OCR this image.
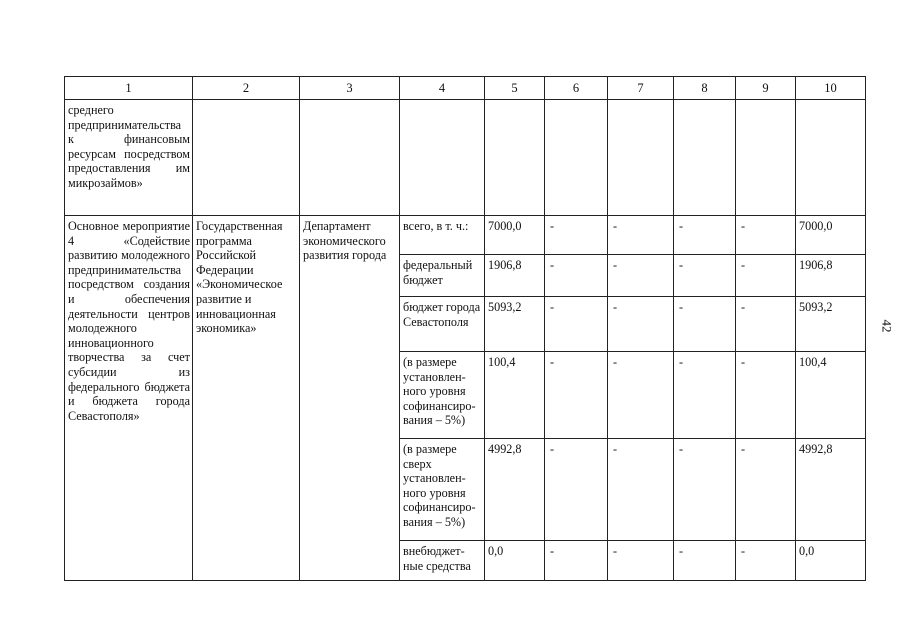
1	2	3	4	5	6	7	8	9	10
среднего предпринимательства к финансовым ресурсам посредством предоставления им микрозаймов»									
Основное мероприятие 4 «Содействие развитию молодежного предпринимательства посредством создания и обеспечения деятельности центров молодежного инновационного творчества за счет субсидии из федерального бюджета и бюджета города Севастополя»	Государственная программа Российской Федерации «Экономическое развитие и инновационная экономика»	Департамент экономического развития города	всего, в т. ч.:	7000,0	-	-	-	-	7000,0
			федеральный бюджет	1906,8	-	-	-	-	1906,8
			бюджет города Севастополя	5093,2	-	-	-	-	5093,2
			(в размере установлен-ного уровня софинансиро-вания – 5%)	100,4	-	-	-	-	100,4
			(в размере сверх установлен-ного уровня софинансиро-вания – 5%)	4992,8	-	-	-	-	4992,8
			внебюджет-ные средства	0,0	-	-	-	-	0,0
42
